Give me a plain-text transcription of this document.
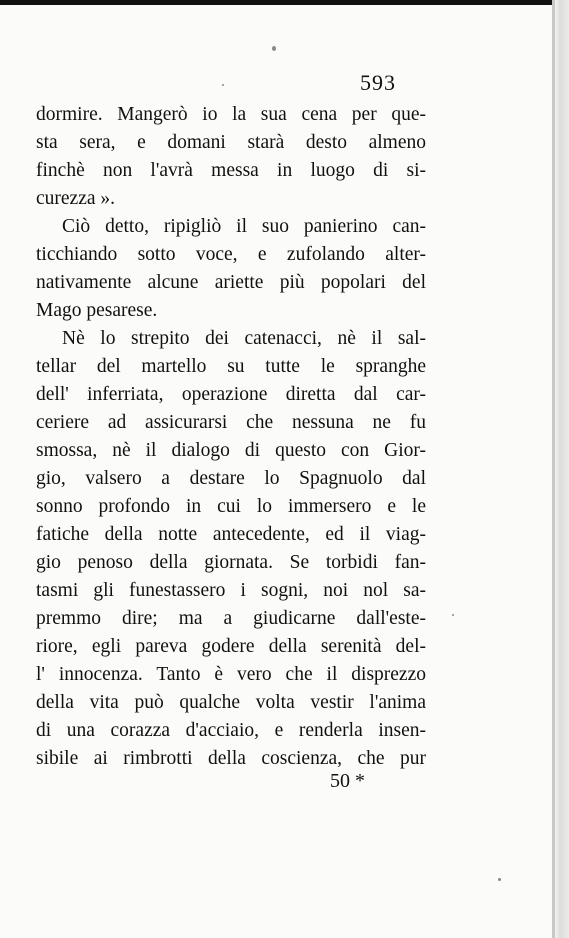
593
dormire. Mangerò io la sua cena per que-
sta sera, e domani starà desto almeno
finchè non l'avrà messa in luogo di si-
curezza ».
Ciò detto, ripigliò il suo panierino can-
ticchiando sotto voce, e zufolando alter-
nativamente alcune ariette più popolari del
Mago pesarese.
Nè lo strepito dei catenacci, nè il sal-
tellar del martello su tutte le spranghe
dell' inferriata, operazione diretta dal car-
ceriere ad assicurarsi che nessuna ne fu
smossa, nè il dialogo di questo con Gior-
gio, valsero a destare lo Spagnuolo dal
sonno profondo in cui lo immersero e le
fatiche della notte antecedente, ed il viag-
gio penoso della giornata. Se torbidi fan-
tasmi gli funestassero i sogni, noi nol sa-
premmo dire; ma a giudicarne dall'este-
riore, egli pareva godere della serenità del-
l' innocenza. Tanto è vero che il disprezzo
della vita può qualche volta vestir l'anima
di una corazza d'acciaio, e renderla insen-
sibile ai rimbrotti della coscienza, che pur
50 *
